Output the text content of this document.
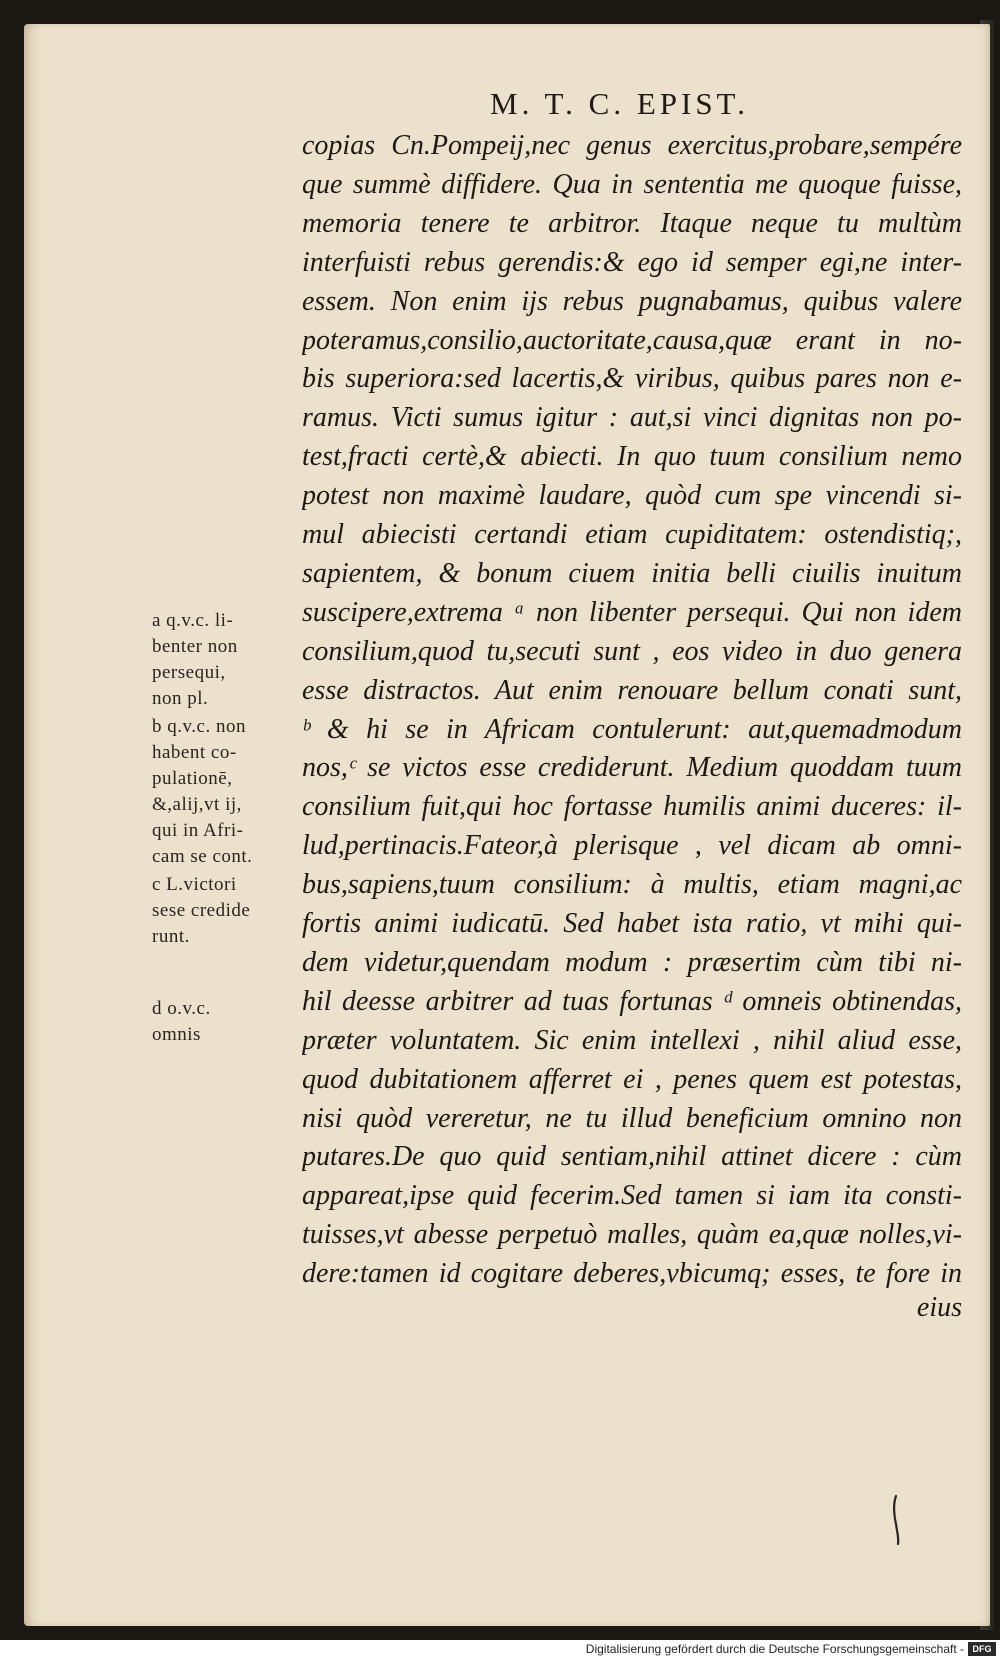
M. T. C. EPIST.
copias Cn.Pompeij,nec genus exercitus,probare,sempére
que summè diffidere. Qua in sententia me quoque fuisse,
memoria tenere te arbitror. Itaque neque tu multùm
interfuisti rebus gerendis:& ego id semper egi,ne inter-
essem. Non enim ijs rebus pugnabamus, quibus valere
poteramus,consilio,auctoritate,causa,quæ erant in no-
bis superiora:sed lacertis,& viribus, quibus pares non e-
ramus. Victi sumus igitur : aut,si vinci dignitas non po-
test,fracti certè,& abiecti. In quo tuum consilium nemo
potest non maximè laudare, quòd cum spe vincendi si-
mul abiecisti certandi etiam cupiditatem: ostendistiq;,
sapientem, & bonum ciuem initia belli ciuilis inuitum
suscipere,extrema ᵃ non libenter persequi. Qui non idem
consilium,quod tu,secuti sunt , eos video in duo genera
esse distractos. Aut enim renouare bellum conati sunt,
ᵇ & hi se in Africam contulerunt: aut,quemadmodum
nos,ᶜ se victos esse crediderunt. Medium quoddam tuum
consilium fuit,qui hoc fortasse humilis animi duceres: il-
lud,pertinacis.Fateor,à plerisque , vel dicam ab omni-
bus,sapiens,tuum consilium: à multis, etiam magni,ac
fortis animi iudicatū. Sed habet ista ratio, vt mihi qui-
dem videtur,quendam modum : præsertim cùm tibi ni-
hil deesse arbitrer ad tuas fortunas ᵈ omneis obtinendas,
præter voluntatem. Sic enim intellexi , nihil aliud esse,
quod dubitationem afferret ei , penes quem est potestas,
nisi quòd vereretur, ne tu illud beneficium omnino non
putares.De quo quid sentiam,nihil attinet dicere : cùm
appareat,ipse quid fecerim.Sed tamen si iam ita consti-
tuisses,vt abesse perpetuò malles, quàm ea,quæ nolles,vi-
dere:tamen id cogitare deberes,vbicumq; esses, te fore in
eius
a q.v.c. li-
benter non
persequi,
non pl.
b q.v.c. non
habent co-
pulationē,
&,alij,vt ij,
qui in Afri-
cam se cont.
c L.victori
sese credide
runt.
d o.v.c.
omnis
Digitalisierung gefördert durch die Deutsche Forschungsgemeinschaft - DFG
